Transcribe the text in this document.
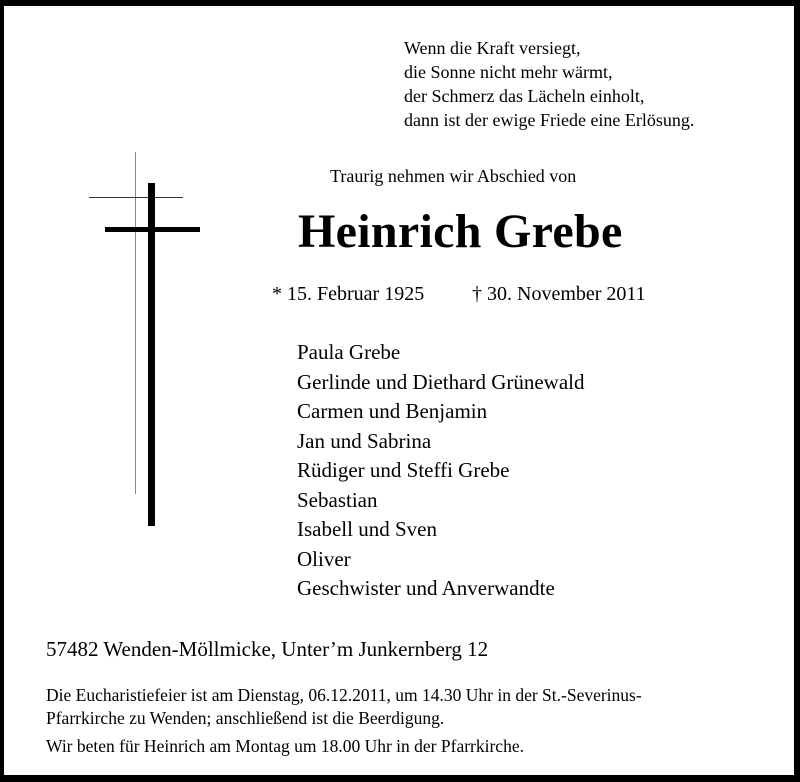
Wenn die Kraft versiegt,
die Sonne nicht mehr wärmt,
der Schmerz das Lächeln einholt,
dann ist der ewige Friede eine Erlösung.
Traurig nehmen wir Abschied von
Heinrich Grebe
* 15. Februar 1925 † 30. November 2011
Paula Grebe
Gerlinde und Diethard Grünewald
Carmen und Benjamin
Jan und Sabrina
Rüdiger und Steffi Grebe
Sebastian
Isabell und Sven
Oliver
Geschwister und Anverwandte
57482 Wenden-Möllmicke, Unter’m Junkernberg 12
Die Eucharistiefeier ist am Dienstag, 06.12.2011, um 14.30 Uhr in der St.-Severinus-
Pfarrkirche zu Wenden; anschließend ist die Beerdigung.
Wir beten für Heinrich am Montag um 18.00 Uhr in der Pfarrkirche.
